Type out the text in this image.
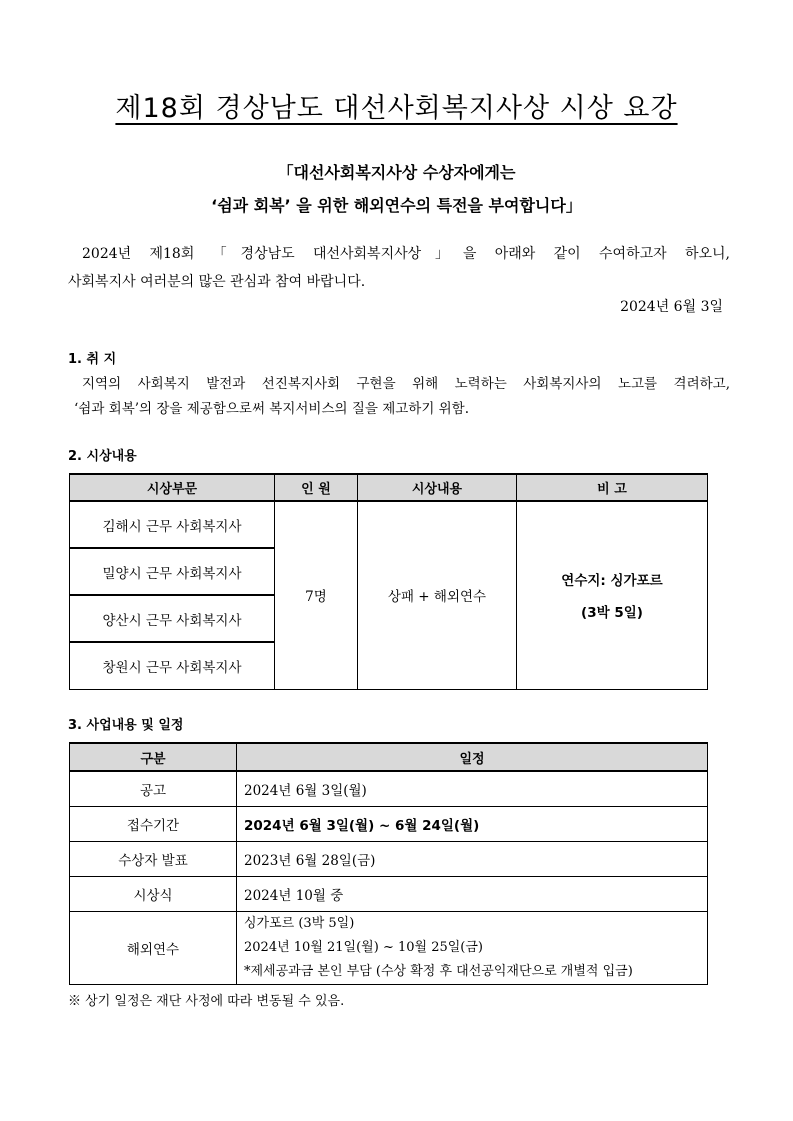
제18회 경상남도 대선사회복지사상 시상 요강
「대선사회복지사상 수상자에게는
‘쉼과 회복’ 을 위한 해외연수의 특전을 부여합니다」
2024년 제18회 「경상남도 대선사회복지사상」을 아래와 같이 수여하고자 하오니,
사회복지사 여러분의 많은 관심과 참여 바랍니다.
2024년 6월 3일
1. 취 지
지역의 사회복지 발전과 선진복지사회 구현을 위해 노력하는 사회복지사의 노고를 격려하고,
‘쉼과 회복’의 장을 제공함으로써 복지서비스의 질을 제고하기 위함.
2. 시상내용
시상부문	인 원	시상내용	비 고
김해시 근무 사회복지사	7명	상패 + 해외연수	연수지: 싱가포르
(3박 5일)

밀양시 근무 사회복지사			
양산시 근무 사회복지사			
창원시 근무 사회복지사			
3. 사업내용 및 일정
구분	일정
공고	2024년 6월 3일(월)
접수기간	2024년 6월 3일(월) ~ 6월 24일(월)
수상자 발표	2023년 6월 28일(금)
시상식	2024년 10월 중
해외연수	싱가포르 (3박 5일)
2024년 10월 21일(월) ~ 10월 25일(금)
*제세공과금 본인 부담 (수상 확정 후 대선공익재단으로 개별적 입금)
※ 상기 일정은 재단 사정에 따라 변동될 수 있음.
